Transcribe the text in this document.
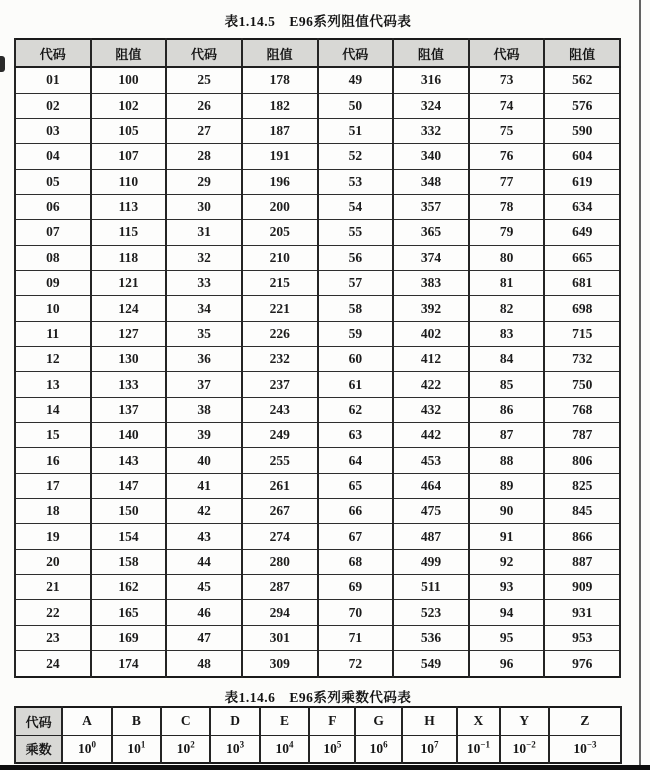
表1.14.5　E96系列阻值代码表
代码	阻值	代码	阻值	代码	阻值	代码	阻值
01	100	25	178	49	316	73	562
02	102	26	182	50	324	74	576
03	105	27	187	51	332	75	590
04	107	28	191	52	340	76	604
05	110	29	196	53	348	77	619
06	113	30	200	54	357	78	634
07	115	31	205	55	365	79	649
08	118	32	210	56	374	80	665
09	121	33	215	57	383	81	681
10	124	34	221	58	392	82	698
11	127	35	226	59	402	83	715
12	130	36	232	60	412	84	732
13	133	37	237	61	422	85	750
14	137	38	243	62	432	86	768
15	140	39	249	63	442	87	787
16	143	40	255	64	453	88	806
17	147	41	261	65	464	89	825
18	150	42	267	66	475	90	845
19	154	43	274	67	487	91	866
20	158	44	280	68	499	92	887
21	162	45	287	69	511	93	909
22	165	46	294	70	523	94	931
23	169	47	301	71	536	95	953
24	174	48	309	72	549	96	976
表1.14.6　E96系列乘数代码表
代码	A	B	C	D	E	F	G	H	X	Y	Z
乘数	$10^0$	$10^1$	$10^2$	$10^3$	$10^4$	$10^5$	$10^6$	$10^7$	$10^{-1}$	$10^{-2}$	$10^{-3}$
